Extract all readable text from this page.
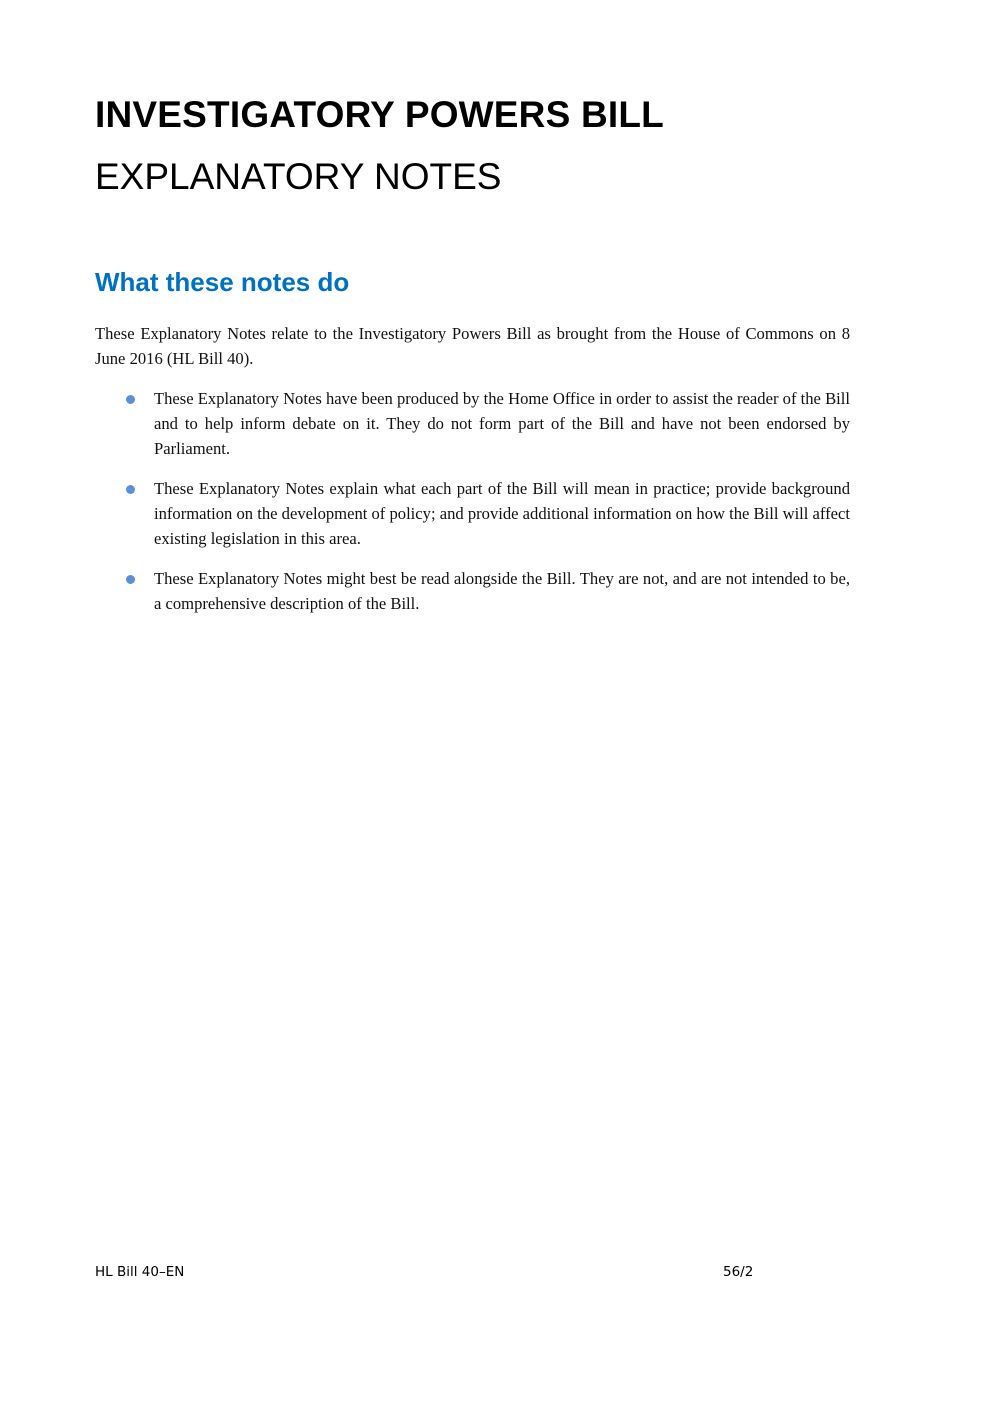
INVESTIGATORY POWERS BILL
EXPLANATORY NOTES
What these notes do

These Explanatory Notes relate to the Investigatory Powers Bill as brought from the House of Commons on 8 June 2016 (HL Bill 40).

These Explanatory Notes have been produced by the Home Office in order to assist the reader of the Bill and to help inform debate on it. They do not form part of the Bill and have not been endorsed by Parliament.
These Explanatory Notes explain what each part of the Bill will mean in practice; provide background information on the development of policy; and provide additional information on how the Bill will affect existing legislation in this area.
These Explanatory Notes might best be read alongside the Bill. They are not, and are not intended to be, a comprehensive description of the Bill.
HL Bill 40–EN	56/2
